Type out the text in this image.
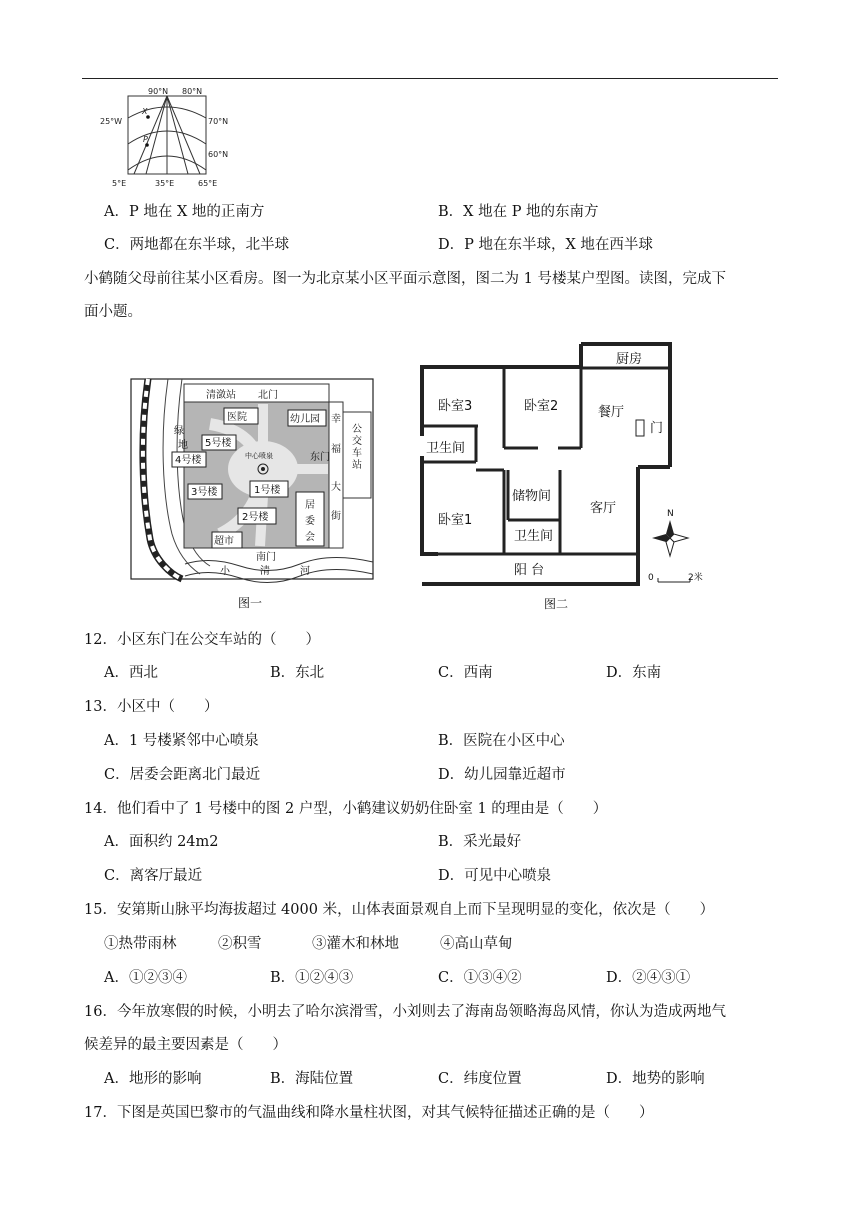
90°N 80°N
25°W	70°N
60°N
5°E	35°E	65°E
X
P
A．P 地在 X 地的正南方	B．X 地在 P 地的东南方
C．两地都在东半球，北半球	D．P 地在东半球，X 地在西半球
小鹤随父母前往某小区看房。图一为北京某小区平面示意图，图二为 1 号楼某户型图。读图，完成下
面小题。
清潋站 北门
医院	幼儿园 幸
福
大
街
公
交
车
站
绿
地 5号楼
4号楼
3号楼	1号楼
2号楼
东门
居
委
会
超市
南门
小	清	河
图一
中心喷泉
厨房
卧室3	卧室2	餐厅
卫生间
门
储物间
卧室1
客厅
卫生间
阳 台
N
0	2米
图二
12．小区东门在公交车站的（　　）
A．西北	B．东北	C．西南	D．东南
13．小区中（　　）
A．1 号楼紧邻中心喷泉	B．医院在小区中心
C．居委会距离北门最近	D．幼儿园靠近超市
14．他们看中了 1 号楼中的图 2 户型，小鹤建议奶奶住卧室 1 的理由是（　　）
A．面积约 24m2	B．采光最好
C．离客厅最近	D．可见中心喷泉
15．安第斯山脉平均海拔超过 4000 米，山体表面景观自上而下呈现明显的变化，依次是（　　）
①热带雨林	②积雪	③灌木和林地	④高山草甸
A．①②③④	B．①②④③	C．①③④②	D．②④③①
16．今年放寒假的时候，小明去了哈尔滨滑雪，小刘则去了海南岛领略海岛风情，你认为造成两地气
候差异的最主要因素是（　　）
A．地形的影响	B．海陆位置	C．纬度位置	D．地势的影响
17．下图是英国巴黎市的气温曲线和降水量柱状图，对其气候特征描述正确的是（　　）
